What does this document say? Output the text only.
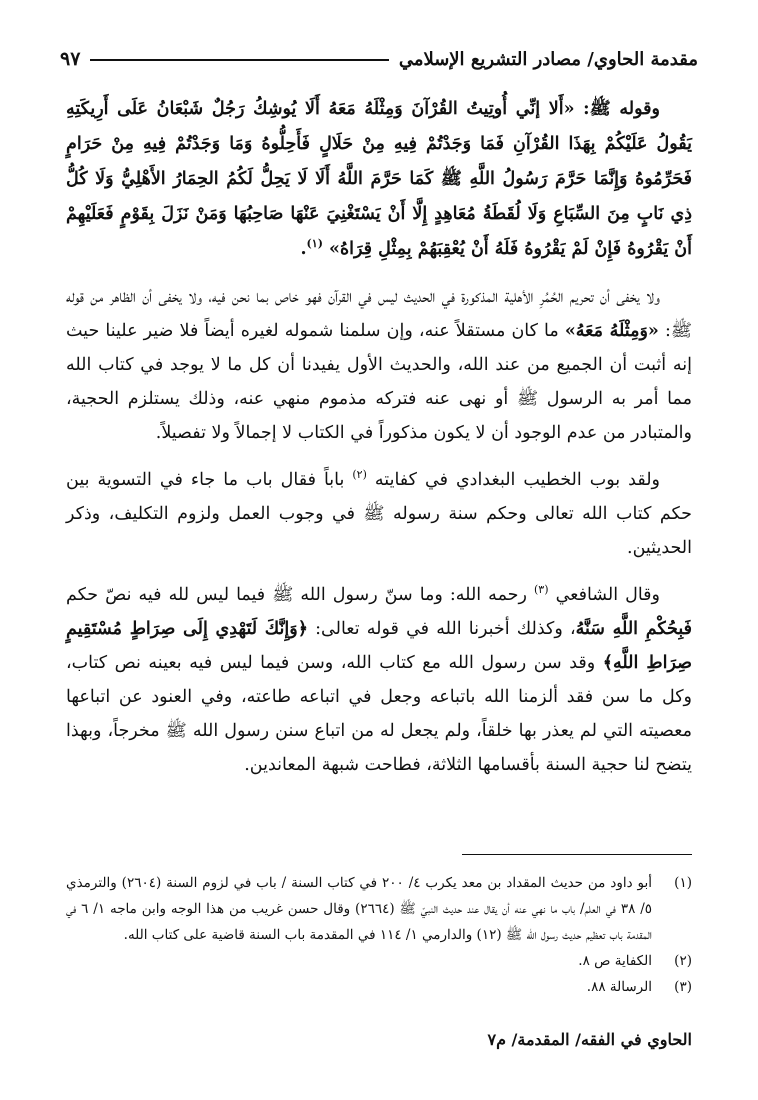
مقدمة الحاوي/ مصادر التشريع الإسلامي
٩٧

وقوله ﷺ: «أَلا إنِّي أُوتِيتُ القُرْآنَ وَمِثْلَهُ مَعَهُ أَلَا يُوشِكُ رَجُلٌ شَبْعَانُ عَلَى أَرِيكَتِهِ يَقُولُ عَلَيْكُمْ بِهَذَا القُرْآنِ فَمَا وَجَدْتُمْ فِيهِ مِنْ حَلَالٍ فَأَحِلُّوهُ وَمَا وَجَدْتُمْ فِيهِ مِنْ حَرَامٍ فَحَرِّمُوهُ وَإِنَّمَا حَرَّمَ رَسُولُ اللَّهِ ﷺ كَمَا حَرَّمَ اللَّهُ أَلَا لَا يَحِلُّ لَكُمُ الحِمَارُ الأَهْلِيُّ وَلَا كُلُّ ذِي نَابٍ مِنَ السِّبَاعِ وَلَا لُقَطَةُ مُعَاهِدٍ إِلَّا أَنْ يَسْتَغْنِيَ عَنْهَا صَاحِبُهَا وَمَنْ نَزَلَ بِقَوْمٍ فَعَلَيْهِمْ أَنْ يَقْرُوهُ فَإِنْ لَمْ يَقْرُوهُ فَلَهُ أَنْ يُعْقِبَهُمْ بِمِثْلِ قِرَاهُ» $^{(١)}$.

ولا يخفى أن تحريم الحُمُرِ الأهلية المذكورة في الحديث ليس في القرآن فهو خاص بما نحن فيه، ولا يخفى أن الظاهر من قوله ﷺ: «وَمِثْلَهُ مَعَهُ» ما كان مستقلاً عنه، وإن سلمنا شموله لغيره أيضاً فلا ضير علينا حيث إنه أثبت أن الجميع من عند الله، والحديث الأول يفيدنا أن كل ما لا يوجد في كتاب الله مما أمر به الرسول ﷺ أو نهى عنه فتركه مذموم منهي عنه، وذلك يستلزم الحجية، والمتبادر من عدم الوجود أن لا يكون مذكوراً في الكتاب لا إجمالاً ولا تفصيلاً.

ولقد بوب الخطيب البغدادي في كفايته $^{(٢)}$ باباً فقال باب ما جاء في التسوية بين حكم كتاب الله تعالى وحكم سنة رسوله ﷺ في وجوب العمل ولزوم التكليف، وذكر الحديثين.

وقال الشافعي $^{(٣)}$ رحمه الله: وما سنّ رسول الله ﷺ فيما ليس لله فيه نصّ حكم فَبِحُكْمِ اللَّهِ سَنَّهُ، وكذلك أخبرنا الله في قوله تعالى: ﴿وَإِنَّكَ لَتَهْدِي إِلَى صِرَاطٍ مُسْتَقِيمٍ صِرَاطِ اللَّهِ﴾ وقد سن رسول الله مع كتاب الله، وسن فيما ليس فيه بعينه نص كتاب، وكل ما سن فقد ألزمنا الله باتباعه وجعل في اتباعه طاعته، وفي العنود عن اتباعها معصيته التي لم يعذر بها خلقاً، ولم يجعل له من اتباع سنن رسول الله ﷺ مخرجاً، وبهذا يتضح لنا حجية السنة بأقسامها الثلاثة، فطاحت شبهة المعاندين.

(١)
أبو داود من حديث المقداد بن معد يكرب ٤/ ٢٠٠ في كتاب السنة / باب في لزوم السنة (٢٦٠٤) والترمذي ٥/ ٣٨ في العلم/ باب ما نهي عنه أن يقال عند حديث النبيّ ﷺ (٢٦٦٤) وقال حسن غريب من هذا الوجه وابن ماجه ١/ ٦ في المقدمة باب تعظيم حديث رسول الله ﷺ (١٢) والدارمي ١/ ١١٤ في المقدمة باب السنة قاضية على كتاب الله.
(٢)
الكفاية ص ٨.
(٣)
الرسالة ٨٨.
الحاوي في الفقه/ المقدمة/ م٧
